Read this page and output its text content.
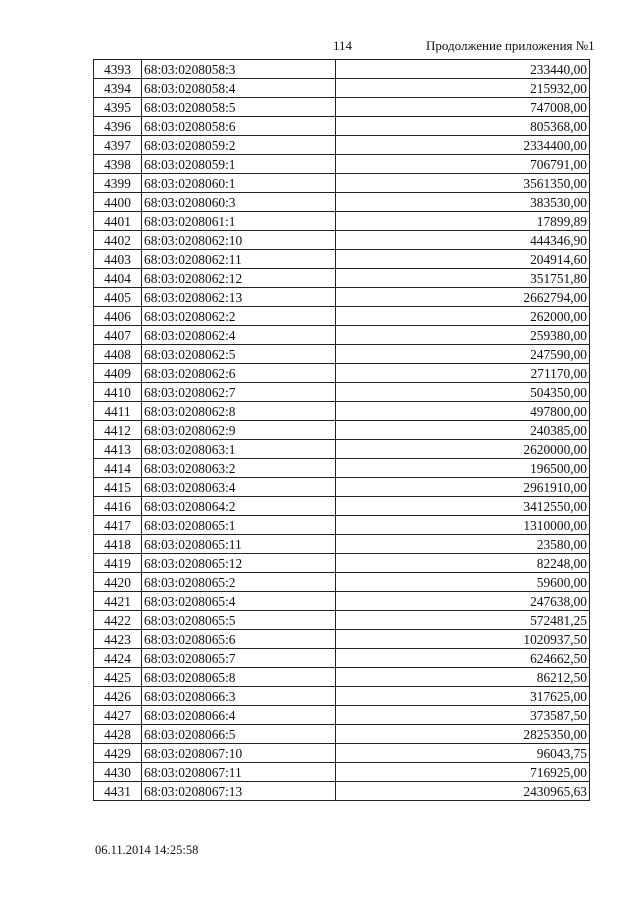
114	Продолжение приложения №1
4393	68:03:0208058:3	233440,00
4394	68:03:0208058:4	215932,00
4395	68:03:0208058:5	747008,00
4396	68:03:0208058:6	805368,00
4397	68:03:0208059:2	2334400,00
4398	68:03:0208059:1	706791,00
4399	68:03:0208060:1	3561350,00
4400	68:03:0208060:3	383530,00
4401	68:03:0208061:1	17899,89
4402	68:03:0208062:10	444346,90
4403	68:03:0208062:11	204914,60
4404	68:03:0208062:12	351751,80
4405	68:03:0208062:13	2662794,00
4406	68:03:0208062:2	262000,00
4407	68:03:0208062:4	259380,00
4408	68:03:0208062:5	247590,00
4409	68:03:0208062:6	271170,00
4410	68:03:0208062:7	504350,00
4411	68:03:0208062:8	497800,00
4412	68:03:0208062:9	240385,00
4413	68:03:0208063:1	2620000,00
4414	68:03:0208063:2	196500,00
4415	68:03:0208063:4	2961910,00
4416	68:03:0208064:2	3412550,00
4417	68:03:0208065:1	1310000,00
4418	68:03:0208065:11	23580,00
4419	68:03:0208065:12	82248,00
4420	68:03:0208065:2	59600,00
4421	68:03:0208065:4	247638,00
4422	68:03:0208065:5	572481,25
4423	68:03:0208065:6	1020937,50
4424	68:03:0208065:7	624662,50
4425	68:03:0208065:8	86212,50
4426	68:03:0208066:3	317625,00
4427	68:03:0208066:4	373587,50
4428	68:03:0208066:5	2825350,00
4429	68:03:0208067:10	96043,75
4430	68:03:0208067:11	716925,00
4431	68:03:0208067:13	2430965,63
06.11.2014 14:25:58
